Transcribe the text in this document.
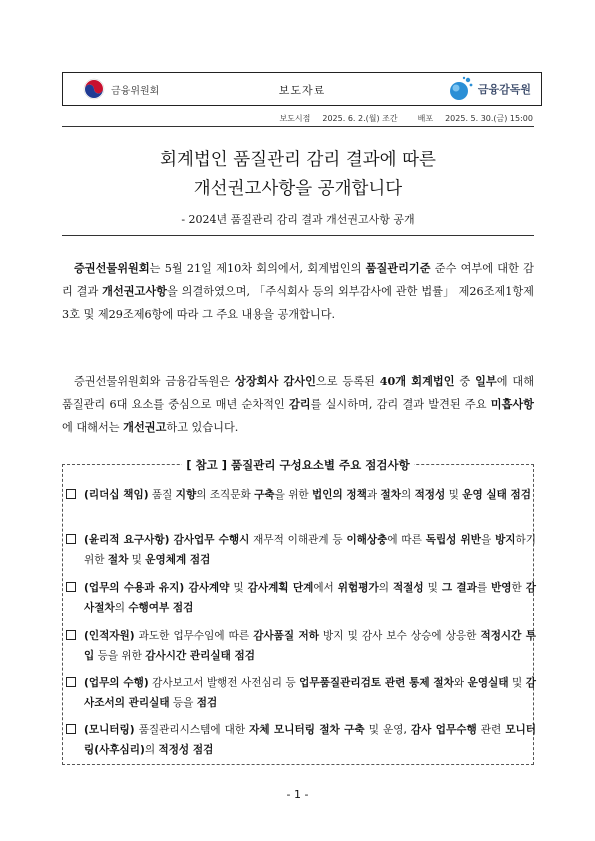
금융위원회	보도자료	금융감독원
보도시점 2025. 6. 2.(월) 조간	배포 2025. 5. 30.(금) 15:00
회계법인 품질관리 감리 결과에 따른
개선권고사항을 공개합니다
- 2024년 품질관리 감리 결과 개선권고사항 공개
증권선물위원회는 5월 21일 제10차 회의에서, 회계법인의 품질관리기준 준수 여부에 대한 감리 결과 개선권고사항을 의결하였으며, 「주식회사 등의 외부감사에 관한 법률」 제26조제1항제3호 및 제29조제6항에 따라 그 주요 내용을 공개합니다.
증권선물위원회와 금융감독원은 상장회사 감사인으로 등록된 40개 회계법인 중 일부에 대해 품질관리 6대 요소를 중심으로 매년 순차적인 감리를 실시하며, 감리 결과 발견된 주요 미흡사항에 대해서는 개선권고하고 있습니다.
[ 참고 ] 품질관리 구성요소별 주요 점검사항
(리더십 책임) 품질 지향의 조직문화 구축을 위한 법인의 정책과 절차의 적정성 및 운영 실태 점검
(윤리적 요구사항) 감사업무 수행시 재무적 이해관계 등 이해상충에 따른 독립성 위반을 방지하기 위한 절차 및 운영체계 점검
(업무의 수용과 유지) 감사계약 및 감사계획 단계에서 위험평가의 적절성 및 그 결과를 반영한 감사절차의 수행여부 점검
(인적자원) 과도한 업무수임에 따른 감사품질 저하 방지 및 감사 보수 상승에 상응한 적정시간 투입 등을 위한 감사시간 관리실태 점검
(업무의 수행) 감사보고서 발행전 사전심리 등 업무품질관리검토 관련 통제 절차와 운영실태 및 감사조서의 관리실태 등을 점검
(모니터링) 품질관리시스템에 대한 자체 모니터링 절차 구축 및 운영, 감사 업무수행 관련 모니터링(사후심리)의 적정성 점검
- 1 -
